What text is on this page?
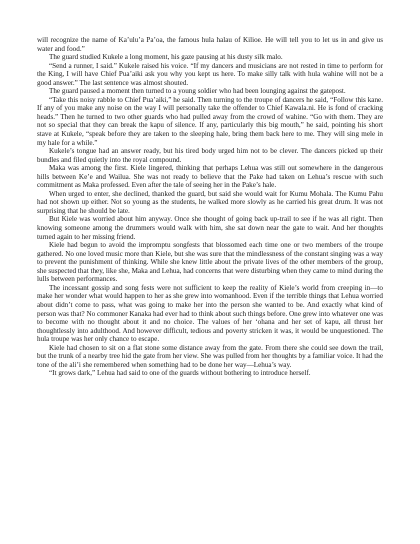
will recognize the name of Ka’ulu’a Pa’oa, the famous hula halau of Kilioe. He will tell you to let us in and give us water and food.”

The guard studied Kukele a long moment, his gaze pausing at his dusty silk malo.

“Send a runner, I said.” Kukele raised his voice. “If my dancers and musicians are not rested in time to perform for the King, I will have Chief Pua’aiki ask you why you kept us here. To make silly talk with hula wahine will not be a good answer.” The last sentence was almost shouted.

The guard paused a moment then turned to a young soldier who had been lounging against the gatepost.

“Take this noisy rabble to Chief Pua’aiki,” he said. Then turning to the troupe of dancers he said, “Follow this kane. If any of you make any noise on the way I will personally take the offender to Chief Kawala.ni. He is fond of cracking heads.” Then he turned to two other guards who had pulled away from the crowd of wahine. “Go with them. They are not so special that they can break the kapu of silence. If any, particularly this big mouth,” he said, pointing his short stave at Kukele, “speak before they are taken to the sleeping hale, bring them back here to me. They will sing mele in my hale for a while.”

Kukele’s tongue had an answer ready, but his tired body urged him not to be clever. The dancers picked up their bundles and filed quietly into the royal compound.

Maka was among the first. Kiele lingered, thinking that perhaps Lehua was still out somewhere in the dangerous hills between Ke’e and Wailua. She was not ready to believe that the Pake had taken on Lehua’s rescue with such commitment as Maka professed. Even after the tale of seeing her in the Pake’s hale.

When urged to enter, she declined, thanked the guard, but said she would wait for Kumu Mohala. The Kumu Pahu had not shown up either. Not so young as the students, he walked more slowly as he carried his great drum. It was not surprising that he should be late.

But Kiele was worried about him anyway. Once she thought of going back up-trail to see if he was all right. Then knowing someone among the drummers would walk with him, she sat down near the gate to wait. And her thoughts turned again to her missing friend.

Kiele had begun to avoid the impromptu songfests that blossomed each time one or two members of the troupe gathered. No one loved music more than Kiele, but she was sure that the mindlessness of the constant singing was a way to prevent the punishment of thinking. While she knew little about the private lives of the other members of the group, she suspected that they, like she, Maka and Lehua, had concerns that were disturbing when they came to mind during the lulls between performances.

The incessant gossip and song fests were not sufficient to keep the reality of Kiele’s world from creeping in—to make her wonder what would happen to her as she grew into womanhood. Even if the terrible things that Lehua worried about didn’t come to pass, what was going to make her into the person she wanted to be. And exactly what kind of person was that? No commoner Kanaka had ever had to think about such things before. One grew into whatever one was to become with no thought about it and no choice. The values of her ‘ohana and her set of kapu, all thrust her thoughtlessly into adulthood. And however difficult, tedious and poverty stricken it was, it would be unquestioned. The hula troupe was her only chance to escape.

Kiele had chosen to sit on a flat stone some distance away from the gate. From there she could see down the trail, but the trunk of a nearby tree hid the gate from her view. She was pulled from her thoughts by a familiar voice. It had the tone of the ali’i she remembered when something had to be done her way—Lehua’s way.

“It grows dark,” Lehua had said to one of the guards without bothering to introduce herself.
